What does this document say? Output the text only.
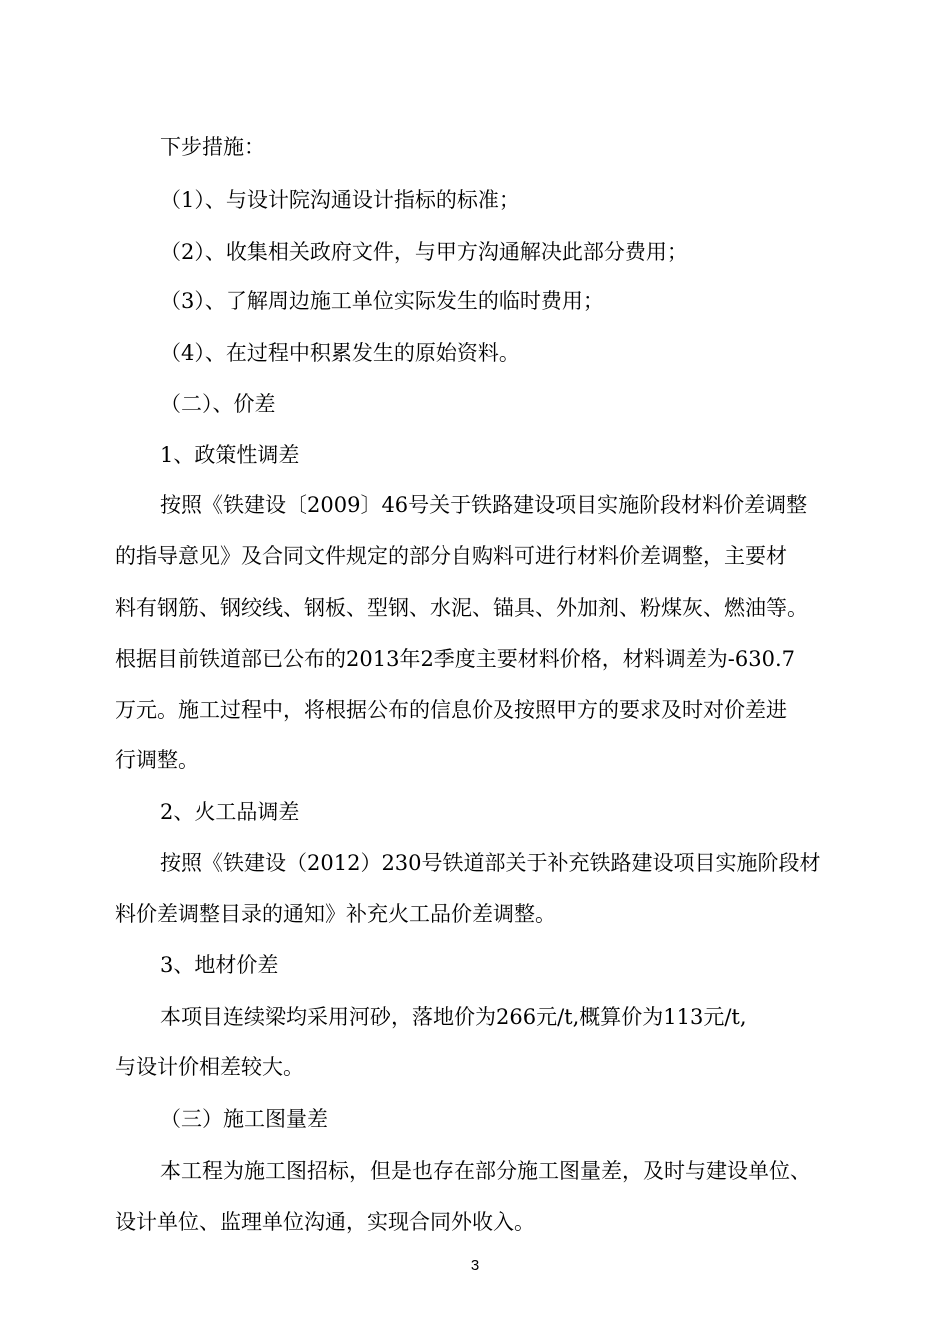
下步措施：
（1）、与设计院沟通设计指标的标准；
（2）、收集相关政府文件，与甲方沟通解决此部分费用；
（3）、了解周边施工单位实际发生的临时费用；
（4）、在过程中积累发生的原始资料。
（二）、价差
1、政策性调差
按照《铁建设〔2009〕46号关于铁路建设项目实施阶段材料价差调整
的指导意见》及合同文件规定的部分自购料可进行材料价差调整，主要材
料有钢筋、钢绞线、钢板、型钢、水泥、锚具、外加剂、粉煤灰、燃油等。
根据目前铁道部已公布的2013年2季度主要材料价格，材料调差为-630.7
万元。施工过程中，将根据公布的信息价及按照甲方的要求及时对价差进
行调整。
2、火工品调差
按照《铁建设（2012）230号铁道部关于补充铁路建设项目实施阶段材
料价差调整目录的通知》补充火工品价差调整。
3、地材价差
本项目连续梁均采用河砂，落地价为266元/t,概算价为113元/t,
与设计价相差较大。
（三）施工图量差
本工程为施工图招标，但是也存在部分施工图量差，及时与建设单位、
设计单位、监理单位沟通，实现合同外收入。
3
